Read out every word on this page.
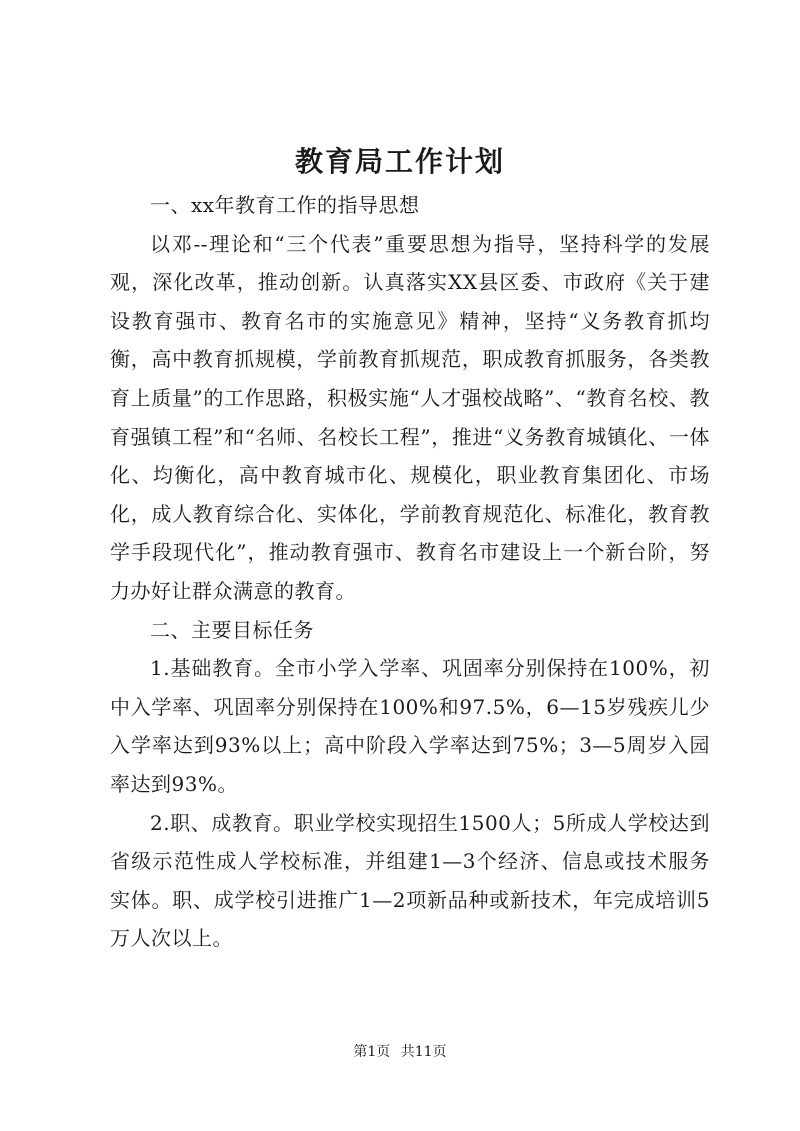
教育局工作计划

一、xx年教育工作的指导思想

以邓--理论和“三个代表”重要思想为指导，坚持科学的发展观，深化改革，推动创新。认真落实XX县区委、市政府《关于建设教育强市、教育名市的实施意见》精神，坚持“义务教育抓均衡，高中教育抓规模，学前教育抓规范，职成教育抓服务，各类教育上质量”的工作思路，积极实施“人才强校战略”、“教育名校、教育强镇工程”和“名师、名校长工程”，推进“义务教育城镇化、一体化、均衡化，高中教育城市化、规模化，职业教育集团化、市场化，成人教育综合化、实体化，学前教育规范化、标准化，教育教学手段现代化”，推动教育强市、教育名市建设上一个新台阶，努力办好让群众满意的教育。

二、主要目标任务

1.基础教育。全市小学入学率、巩固率分别保持在100%，初中入学率、巩固率分别保持在100%和97.5%，6—15岁残疾儿少入学率达到93%以上；高中阶段入学率达到75%；3—5周岁入园率达到93%。

2.职、成教育。职业学校实现招生1500人；5所成人学校达到省级示范性成人学校标准，并组建1—3个经济、信息或技术服务实体。职、成学校引进推广1—2项新品种或新技术，年完成培训5万人次以上。

第1页 共11页
